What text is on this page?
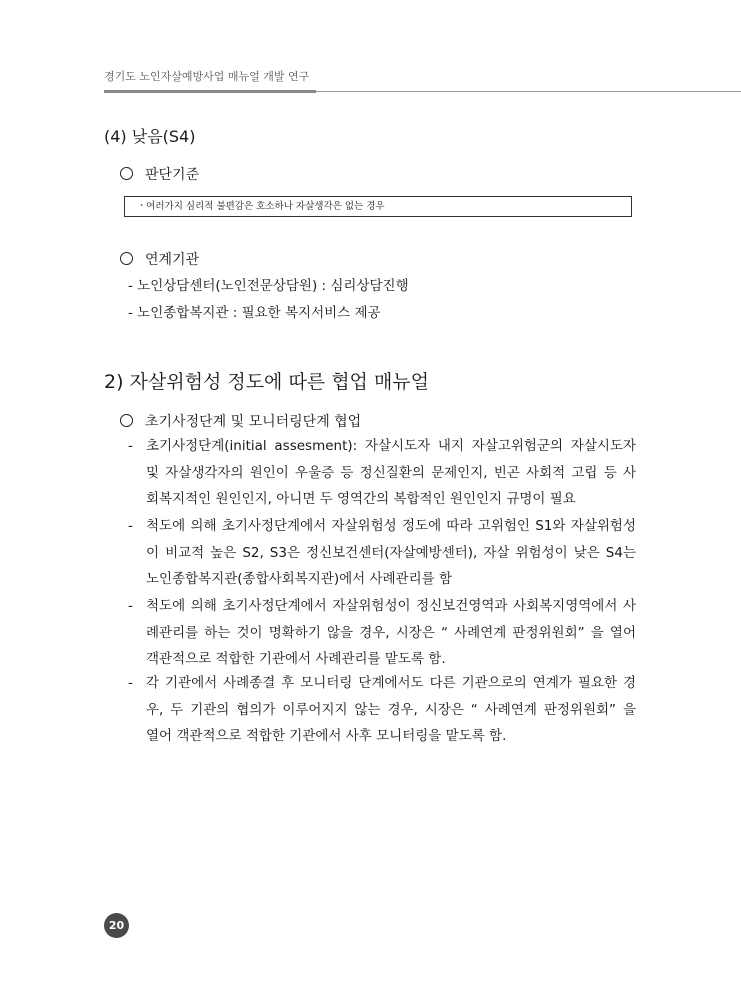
경기도 노인자살예방사업 매뉴얼 개발 연구
(4) 낮음(S4)
판단기준
ㆍ여러가지 심리적 불편감은 호소하나 자살생각은 없는 경우
연계기관
- 노인상담센터(노인전문상담원) : 심리상담진행
- 노인종합복지관 : 필요한 복지서비스 제공
2) 자살위험성 정도에 따른 협업 매뉴얼
초기사정단계 및 모니터링단계 협업
- 초기사정단계(initial assesment): 자살시도자 내지 자살고위험군의 자살시도자
및 자살생각자의 원인이 우울증 등 정신질환의 문제인지, 빈곤 사회적 고립 등 사
회복지적인 원인인지, 아니면 두 영역간의 복합적인 원인인지 규명이 필요
- 척도에 의해 초기사정단계에서 자살위험성 정도에 따라 고위험인 S1와 자살위험성
이 비교적 높은 S2, S3은 정신보건센터(자살예방센터), 자살 위험성이 낮은 S4는
노인종합복지관(종합사회복지관)에서 사례관리를 함
- 척도에 의해 초기사정단계에서 자살위험성이 정신보건영역과 사회복지영역에서 사
례관리를 하는 것이 명확하기 않을 경우, 시장은 “ 사례연계 판정위원회” 을 열어
객관적으로 적합한 기관에서 사례관리를 맡도록 함.
- 각 기관에서 사례종결 후 모니터링 단계에서도 다른 기관으로의 연계가 필요한 경
우, 두 기관의 협의가 이루어지지 않는 경우, 시장은 “ 사례연계 판정위원회” 을
열어 객관적으로 적합한 기관에서 사후 모니터링을 맡도록 함.
20
